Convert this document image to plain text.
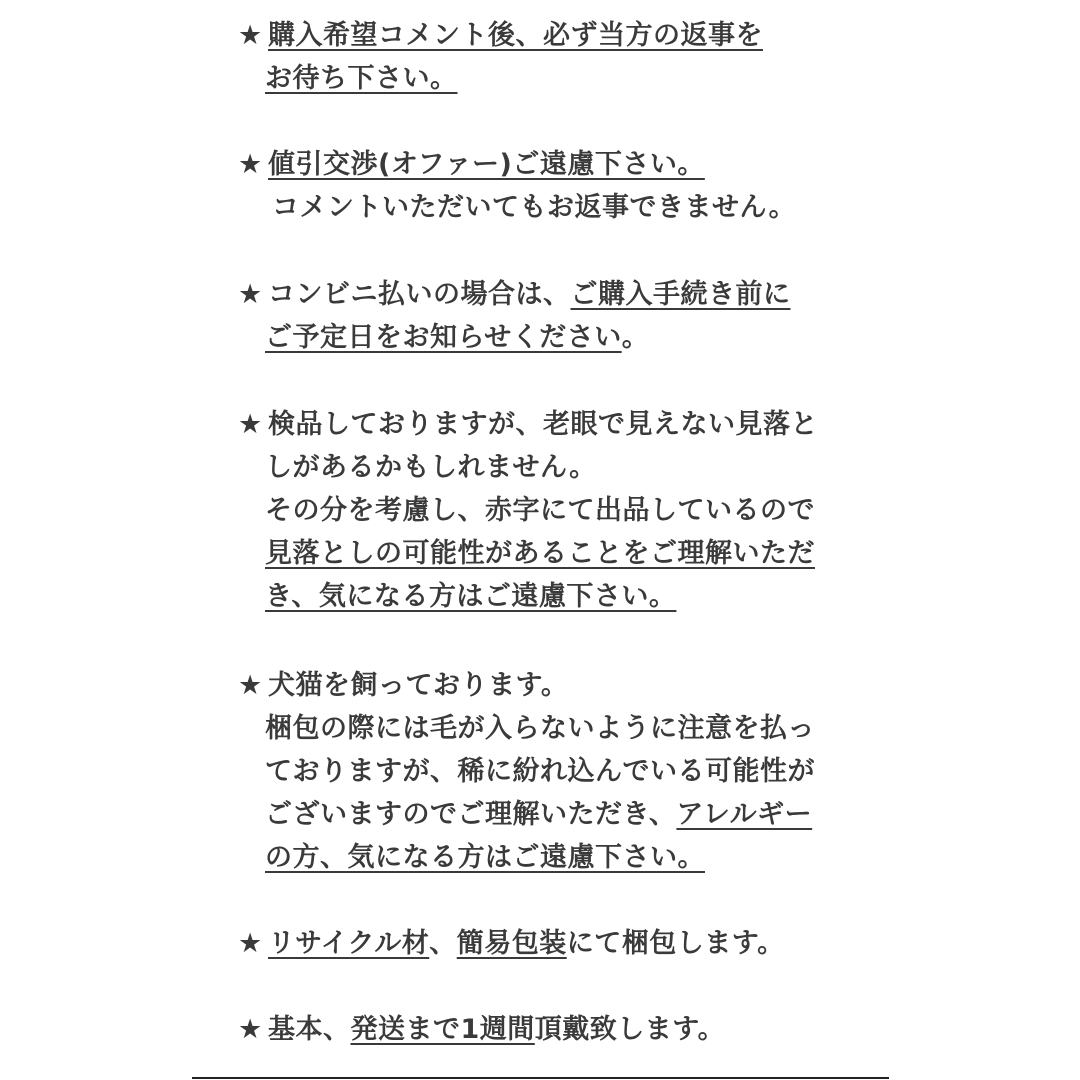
★ 購入希望コメント後、必ず当方の返事を
お待ち下さい。
★ 値引交渉(オファー)ご遠慮下さい。
コメントいただいてもお返事できません。
★ コンビニ払いの場合は、ご購入手続き前に
ご予定日をお知らせください。
★ 検品しておりますが、老眼で見えない見落と
しがあるかもしれません。
その分を考慮し、赤字にて出品しているので
見落としの可能性があることをご理解いただ
き、気になる方はご遠慮下さい。
★ 犬猫を飼っております。
梱包の際には毛が入らないように注意を払っ
ておりますが、稀に紛れ込んでいる可能性が
ございますのでご理解いただき、アレルギー
の方、気になる方はご遠慮下さい。
★ リサイクル材、簡易包装にて梱包します。
★ 基本、発送まで1週間頂戴致します。
